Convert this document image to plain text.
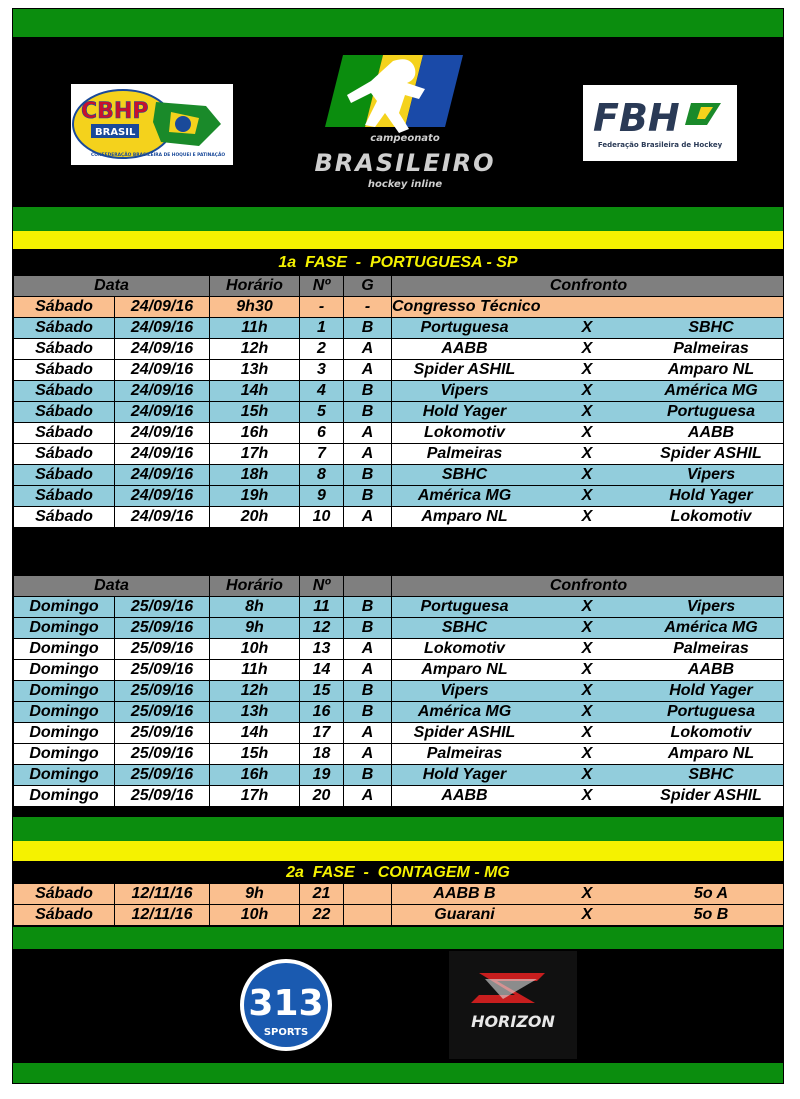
CBHP
BRASIL
CONFEDERAÇÃO BRASILEIRA DE HOQUEI E PATINAÇÃO
campeonato
BRASILEIRO
hockey inline
FBH
Federação Brasileira de Hockey
1a  FASE  -  PORTUGUESA - SP
Data		Horário	Nº	G	Confronto
Sábado	24/09/16	9h30	-	-	Congresso Técnico

Sábado	24/09/16	11h	1	B	Portuguesa X SBHC

Sábado	24/09/16	12h	2	A	AABB X Palmeiras

Sábado	24/09/16	13h	3	A	Spider ASHIL X Amparo NL

Sábado	24/09/16	14h	4	B	Vipers X América MG

Sábado	24/09/16	15h	5	B	Hold Yager X Portuguesa

Sábado	24/09/16	16h	6	A	Lokomotiv X AABB

Sábado	24/09/16	17h	7	A	Palmeiras X Spider ASHIL

Sábado	24/09/16	18h	8	B	SBHC X Vipers

Sábado	24/09/16	19h	9	B	América MG X Hold Yager

Sábado	24/09/16	20h	10	A	Amparo NL X Lokomotiv
Data		Horário	Nº		Confronto
Domingo	25/09/16	8h	11	B	Portuguesa X Vipers

Domingo	25/09/16	9h	12	B	SBHC X América MG

Domingo	25/09/16	10h	13	A	Lokomotiv X Palmeiras

Domingo	25/09/16	11h	14	A	Amparo NL X AABB

Domingo	25/09/16	12h	15	B	Vipers X Hold Yager

Domingo	25/09/16	13h	16	B	América MG X Portuguesa

Domingo	25/09/16	14h	17	A	Spider ASHIL X Lokomotiv

Domingo	25/09/16	15h	18	A	Palmeiras X Amparo NL

Domingo	25/09/16	16h	19	B	Hold Yager X SBHC

Domingo	25/09/16	17h	20	A	AABB X Spider ASHIL
2a  FASE  -  CONTAGEM - MG
Sábado	12/11/16	9h	21		AABB B X 5o A

Sábado	12/11/16	10h	22		Guarani X 5o B
313
SPORTS
HORIZON
